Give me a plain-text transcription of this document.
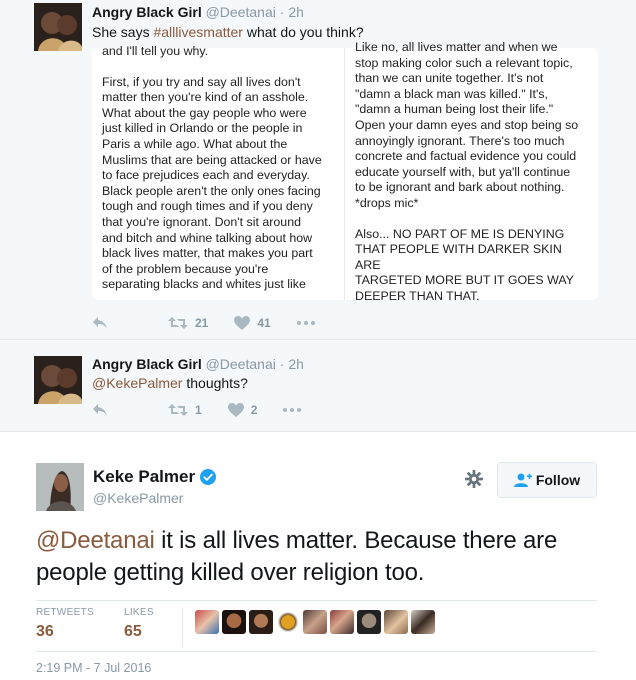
Angry Black Girl @Deetanai · 2h
She says #alllivesmatter what do you think?

and I'll tell you why.

First, if you try and say all lives don't
matter then you're kind of an asshole.
What about the gay people who were
just killed in Orlando or the people in
Paris a while ago. What about the
Muslims that are being attacked or have
to face prejudices each and everyday.
Black people aren't the only ones facing
tough and rough times and if you deny
that you're ignorant. Don't sit around
and bitch and whine talking about how
black lives matter, that makes you part
of the problem because you're
separating blacks and whites just like

Like no, all lives matter and when we
stop making color such a relevant topic,
than we can unite together. It's not
"damn a black man was killed." It's,
"damn a human being lost their life."
Open your damn eyes and stop being so
annoyingly ignorant. There's too much
concrete and factual evidence you could
educate yourself with, but ya'll continue
to be ignorant and bark about nothing.
*drops mic*

Also... NO PART OF ME IS DENYING
THAT PEOPLE WITH DARKER SKIN ARE
TARGETED MORE BUT IT GOES WAY
DEEPER THAN THAT.

21	41
Angry Black Girl @Deetanai · 2h
@KekePalmer thoughts?
1	2
Keke Palmer
@KekePalmer
Follow
@Deetanai it is all lives matter. Because there are people getting killed over religion too.
RETWEETS
36
LIKES
65
2:19 PM - 7 Jul 2016
